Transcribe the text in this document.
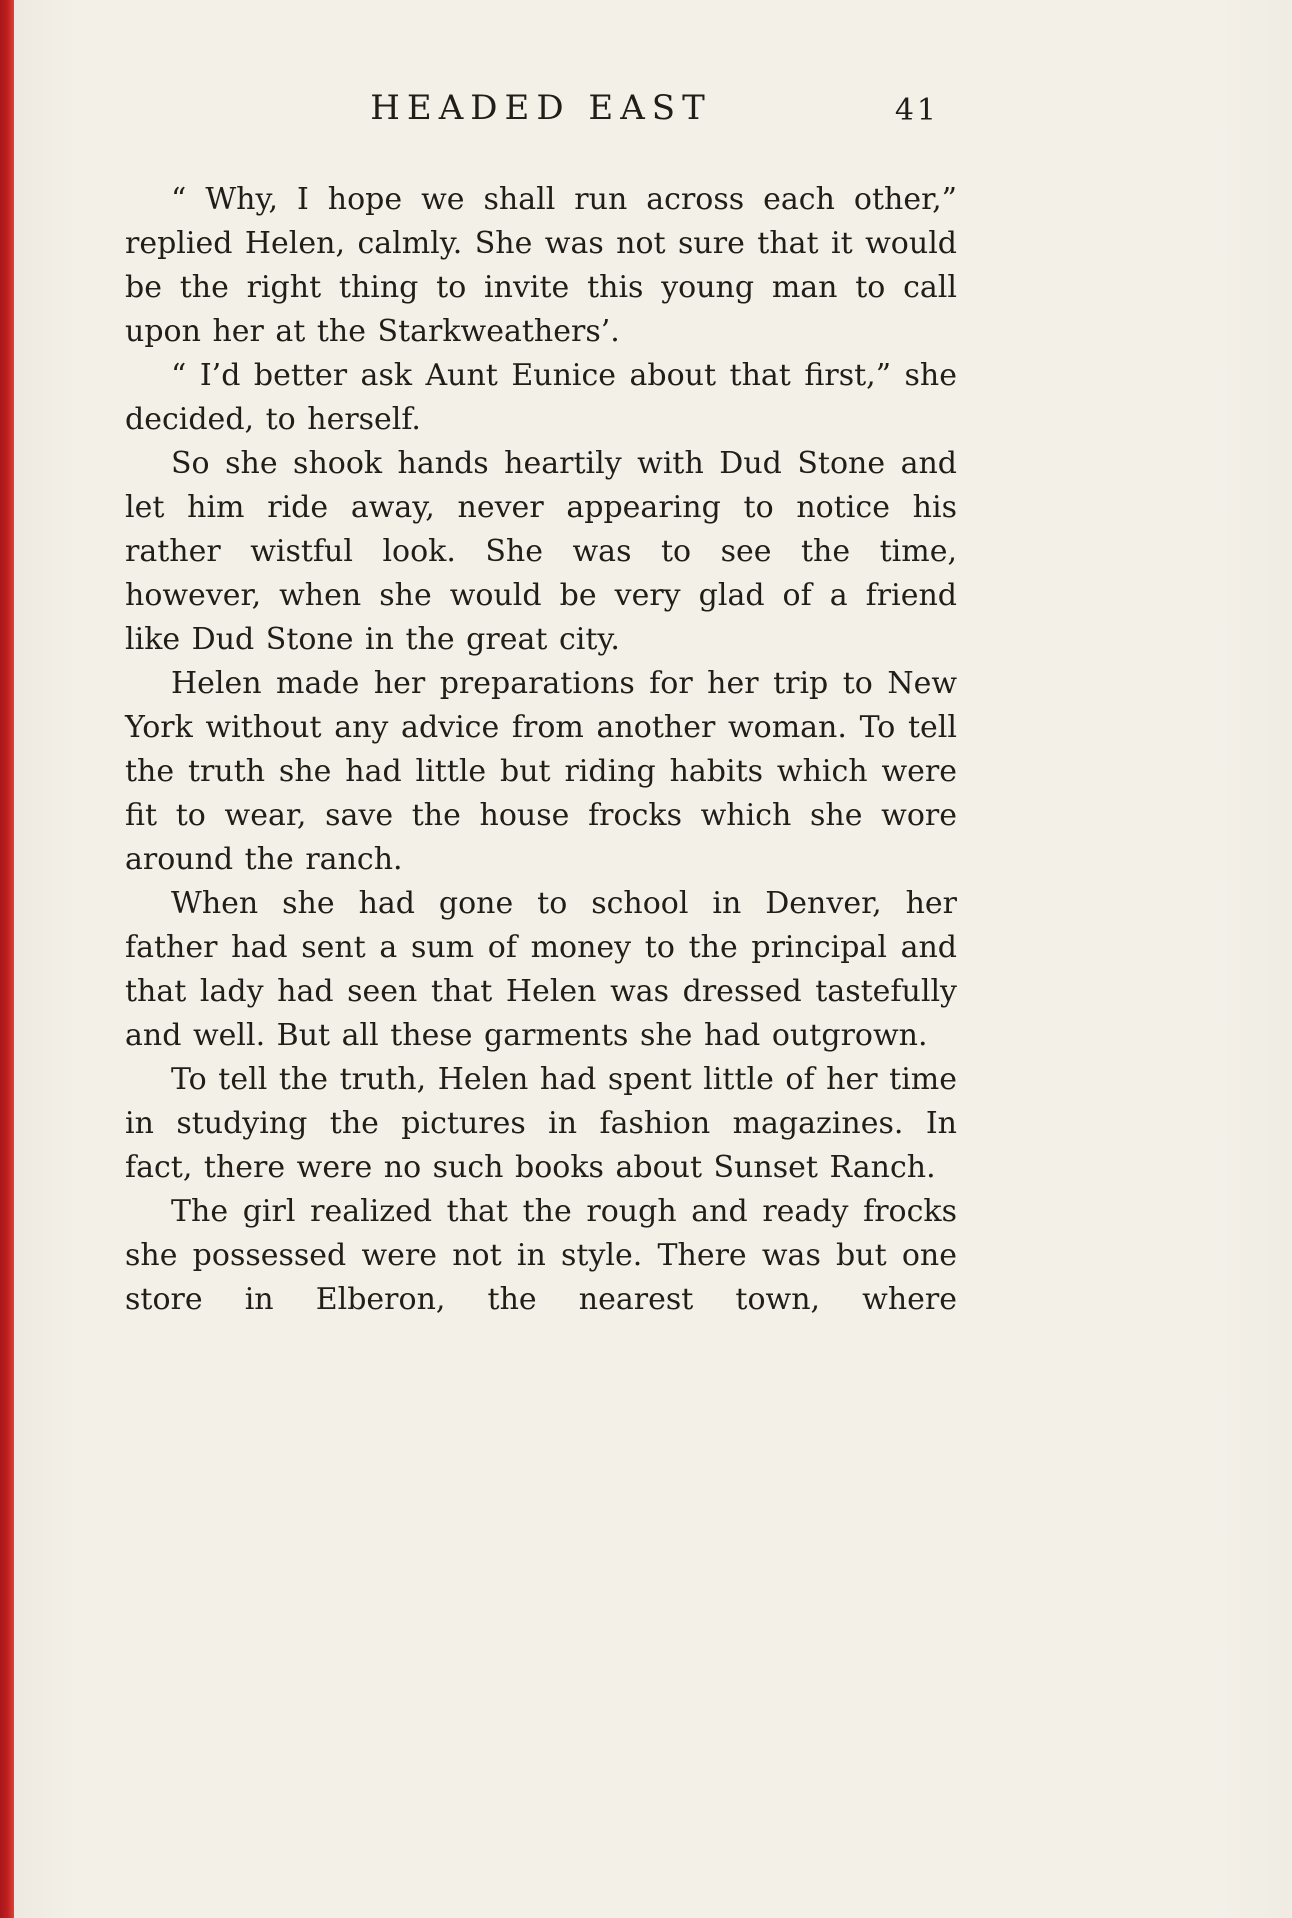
HEADED EAST	41

“ Why, I hope we shall run across each other,” replied Helen, calmly. She was not sure that it would be the right thing to invite this young man to call upon her at the Starkweathers’.

“ I’d better ask Aunt Eunice about that first,” she decided, to herself.

So she shook hands heartily with Dud Stone and let him ride away, never appearing to notice his rather wistful look. She was to see the time, however, when she would be very glad of a friend like Dud Stone in the great city.

Helen made her preparations for her trip to New York without any advice from another woman. To tell the truth she had little but riding habits which were fit to wear, save the house frocks which she wore around the ranch.

When she had gone to school in Denver, her father had sent a sum of money to the principal and that lady had seen that Helen was dressed tastefully and well. But all these garments she had outgrown.

To tell the truth, Helen had spent little of her time in studying the pictures in fashion magazines. In fact, there were no such books about Sunset Ranch.

The girl realized that the rough and ready frocks she possessed were not in style. There was but one store in Elberon, the nearest town, where
